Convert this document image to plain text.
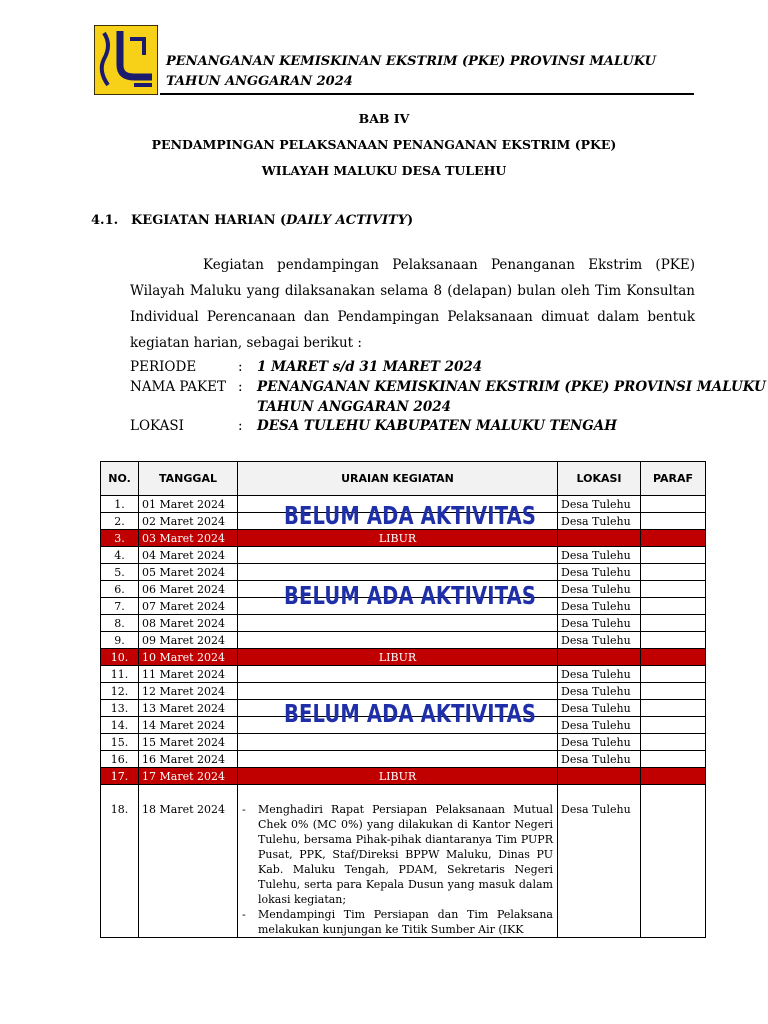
PENANGANAN KEMISKINAN EKSTRIM (PKE) PROVINSI MALUKU
TAHUN ANGGARAN 2024
BAB IV
PENDAMPINGAN PELAKSANAAN PENANGANAN EKSTRIM (PKE)
WILAYAH MALUKU DESA TULEHU
4.1. KEGIATAN HARIAN (DAILY ACTIVITY)
Kegiatan pendampingan Pelaksanaan Penanganan Ekstrim (PKE) Wilayah Maluku yang dilaksanakan selama 8 (delapan) bulan oleh Tim Konsultan Individual Perencanaan dan Pendampingan Pelaksanaan dimuat dalam bentuk kegiatan harian, sebagai berikut :
PERIODE	: 1 MARET s/d 31 MARET 2024
NAMA PAKET : PENANGANAN KEMISKINAN EKSTRIM (PKE) PROVINSI MALUKU
TAHUN ANGGARAN 2024
LOKASI	: DESA TULEHU KABUPATEN MALUKU TENGAH
NO.	TANGGAL	URAIAN KEGIATAN	LOKASI	PARAF
1.	01 Maret 2024		Desa Tulehu	
2.	02 Maret 2024		Desa Tulehu	
3.	03 Maret 2024	LIBUR		
4.	04 Maret 2024		Desa Tulehu	
5.	05 Maret 2024		Desa Tulehu	
6.	06 Maret 2024		Desa Tulehu	
7.	07 Maret 2024		Desa Tulehu	
8.	08 Maret 2024		Desa Tulehu	
9.	09 Maret 2024		Desa Tulehu	
10.	10 Maret 2024	LIBUR		
11.	11 Maret 2024		Desa Tulehu	
12.	12 Maret 2024		Desa Tulehu	
13.	13 Maret 2024		Desa Tulehu	
14.	14 Maret 2024		Desa Tulehu	
15.	15 Maret 2024		Desa Tulehu	
16.	16 Maret 2024		Desa Tulehu	
17.	17 Maret 2024	LIBUR		
18.	18 Maret 2024	- Menghadiri Rapat Persiapan Pelaksanaan Mutual Chek 0% (MC 0%) yang dilakukan di Kantor Negeri Tulehu, bersama Pihak-pihak diantaranya Tim PUPR Pusat, PPK, Staf/Direksi BPPW Maluku, Dinas PU Kab. Maluku Tengah, PDAM, Sekretaris Negeri Tulehu, serta para Kepala Dusun yang masuk dalam lokasi kegiatan;
- Mendampingi Tim Persiapan dan Tim Pelaksana melakukan kunjungan ke Titik Sumber Air (IKK	Desa Tulehu	
BELUM ADA AKTIVITAS
BELUM ADA AKTIVITAS
BELUM ADA AKTIVITAS
